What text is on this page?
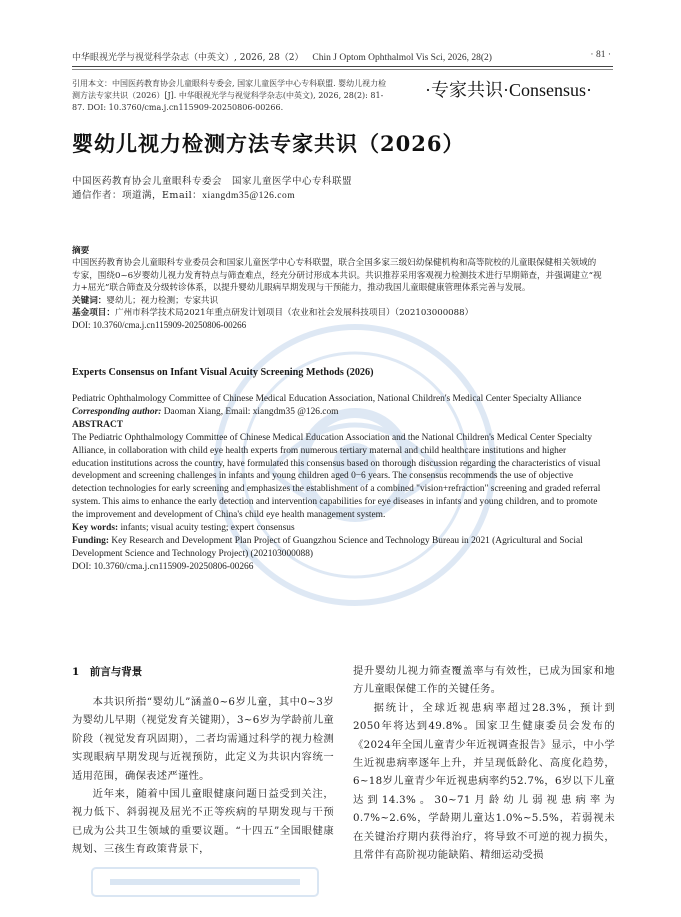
中华眼视光学与视觉科学杂志（中英文）, 2026, 28（2） Chin J Optom Ophthalmol Vis Sci, 2026, 28(2)	· 81 ·
引用本文：中国医药教育协会儿童眼科专委会, 国家儿童医学中心专科联盟. 婴幼儿视力检测方法专家共识（2026）[J]. 中华眼视光学与视觉科学杂志(中英文), 2026, 28(2): 81-87. DOI: 10.3760/cma.j.cn115909-20250806-00266.
·专家共识·Consensus·
婴幼儿视力检测方法专家共识（2026）
中国医药教育协会儿童眼科专委会　国家儿童医学中心专科联盟
通信作者：项道满，Email：xiangdm35@126.com

摘要

中国医药教育协会儿童眼科专业委员会和国家儿童医学中心专科联盟，联合全国多家三级妇幼保健机构和高等院校的儿童眼保健相关领域的专家，围绕0~6岁婴幼儿视力发育特点与筛查难点，经充分研讨形成本共识。共识推荐采用客观视力检测技术进行早期筛查，并强调建立“视力+屈光”联合筛查及分级转诊体系，以提升婴幼儿眼病早期发现与干预能力，推动我国儿童眼健康管理体系完善与发展。

关键词：婴幼儿；视力检测；专家共识

基金项目：广州市科学技术局2021年重点研发计划项目（农业和社会发展科技项目）（202103000088）

DOI: 10.3760/cma.j.cn115909-20250806-00266

Experts Consensus on Infant Visual Acuity Screening Methods (2026)

Pediatric Ophthalmology Committee of Chinese Medical Education Association, National Children's Medical Center Specialty Alliance

Corresponding author: Daoman Xiang, Email: xiangdm35 @126.com

ABSTRACT

The Pediatric Ophthalmology Committee of Chinese Medical Education Association and the National Children's Medical Center Specialty Alliance, in collaboration with child eye health experts from numerous tertiary maternal and child healthcare institutions and higher education institutions across the country, have formulated this consensus based on thorough discussion regarding the characteristics of visual development and screening challenges in infants and young children aged 0−6 years. The consensus recommends the use of objective detection technologies for early screening and emphasizes the establishment of a combined "vision+refraction" screening and graded referral system. This aims to enhance the early detection and intervention capabilities for eye diseases in infants and young children, and to promote the improvement and development of China's child eye health management system.

Key words: infants; visual acuity testing; expert consensus

Funding: Key Research and Development Plan Project of Guangzhou Science and Technology Bureau in 2021 (Agricultural and Social Development Science and Technology Project) (202103000088)

DOI: 10.3760/cma.j.cn115909-20250806-00266

1　前言与背景

本共识所指“婴幼儿”涵盖0~6岁儿童，其中0~3岁为婴幼儿早期（视觉发育关键期），3~6岁为学龄前儿童阶段（视觉发育巩固期），二者均需通过科学的视力检测实现眼病早期发现与近视预防，此定义为共识内容统一适用范围，确保表述严谨性。

近年来，随着中国儿童眼健康问题日益受到关注，视力低下、斜弱视及屈光不正等疾病的早期发现与干预已成为公共卫生领域的重要议题。“十四五”全国眼健康规划、三孩生育政策背景下，

提升婴幼儿视力筛查覆盖率与有效性，已成为国家和地方儿童眼保健工作的关键任务。

据统计，全球近视患病率超过28.3%，预计到2050年将达到49.8%。国家卫生健康委员会发布的《2024年全国儿童青少年近视调查报告》显示，中小学生近视患病率逐年上升，并呈现低龄化、高度化趋势，6~18岁儿童青少年近视患病率约52.7%，6岁以下儿童达到14.3%。30~71月龄幼儿弱视患病率为0.7%~2.6%，学龄期儿童达1.0%~5.5%，若弱视未在关键治疗期内获得治疗，将导致不可逆的视力损失，且常伴有高阶视功能缺陷、精细运动受损
